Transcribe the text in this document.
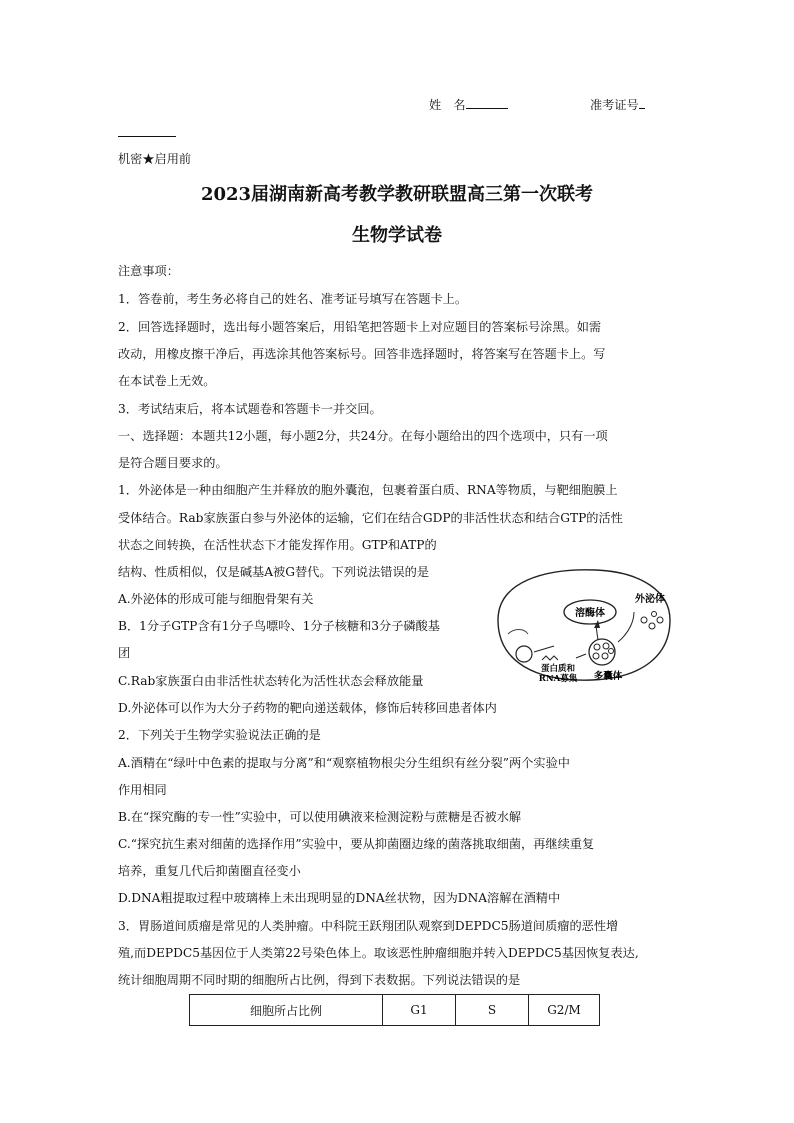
姓　名	准考证号
机密★启用前
2023届湖南新高考教学教研联盟高三第一次联考
生物学试卷
注意事项：
1．答卷前，考生务必将自己的姓名、准考证号填写在答题卡上。
2．回答选择题时，选出每小题答案后，用铅笔把答题卡上对应题目的答案标号涂黑。如需
改动，用橡皮擦干净后，再选涂其他答案标号。回答非选择题时，将答案写在答题卡上。写
在本试卷上无效。
3．考试结束后，将本试题卷和答题卡一并交回。
一、选择题：本题共12小题，每小题2分，共24分。在每小题给出的四个选项中，只有一项
是符合题目要求的。
1．外泌体是一种由细胞产生并释放的胞外囊泡，包裹着蛋白质、RNA等物质，与靶细胞膜上
受体结合。Rab家族蛋白参与外泌体的运输，它们在结合GDP的非活性状态和结合GTP的活性
状态之间转换，在活性状态下才能发挥作用。GTP和ATP的
结构、性质相似，仅是碱基A被G替代。下列说法错误的是
A.外泌体的形成可能与细胞骨架有关
B．1分子GTP含有1分子鸟嘌呤、1分子核糖和3分子磷酸基
团
C.Rab家族蛋白由非活性状态转化为活性状态会释放能量
D.外泌体可以作为大分子药物的靶向递送载体，修饰后转移回患者体内
溶酶体
多囊体
蛋白质和
RNA募集
外泌体
2．下列关于生物学实验说法正确的是
A.酒精在“绿叶中色素的提取与分离”和“观察植物根尖分生组织有丝分裂”两个实验中
作用相同
B.在“探究酶的专一性”实验中，可以使用碘液来检测淀粉与蔗糖是否被水解
C.“探究抗生素对细菌的选择作用”实验中，要从抑菌圈边缘的菌落挑取细菌，再继续重复
培养，重复几代后抑菌圈直径变小
D.DNA粗提取过程中玻璃棒上未出现明显的DNA丝状物，因为DNA溶解在酒精中
3．胃肠道间质瘤是常见的人类肿瘤。中科院王跃翔团队观察到DEPDC5肠道间质瘤的恶性增
殖,而DEPDC5基因位于人类第22号染色体上。取该恶性肿瘤细胞并转入DEPDC5基因恢复表达,
统计细胞周期不同时期的细胞所占比例，得到下表数据。下列说法错误的是
细胞所占比例	G1	S	G2/M
